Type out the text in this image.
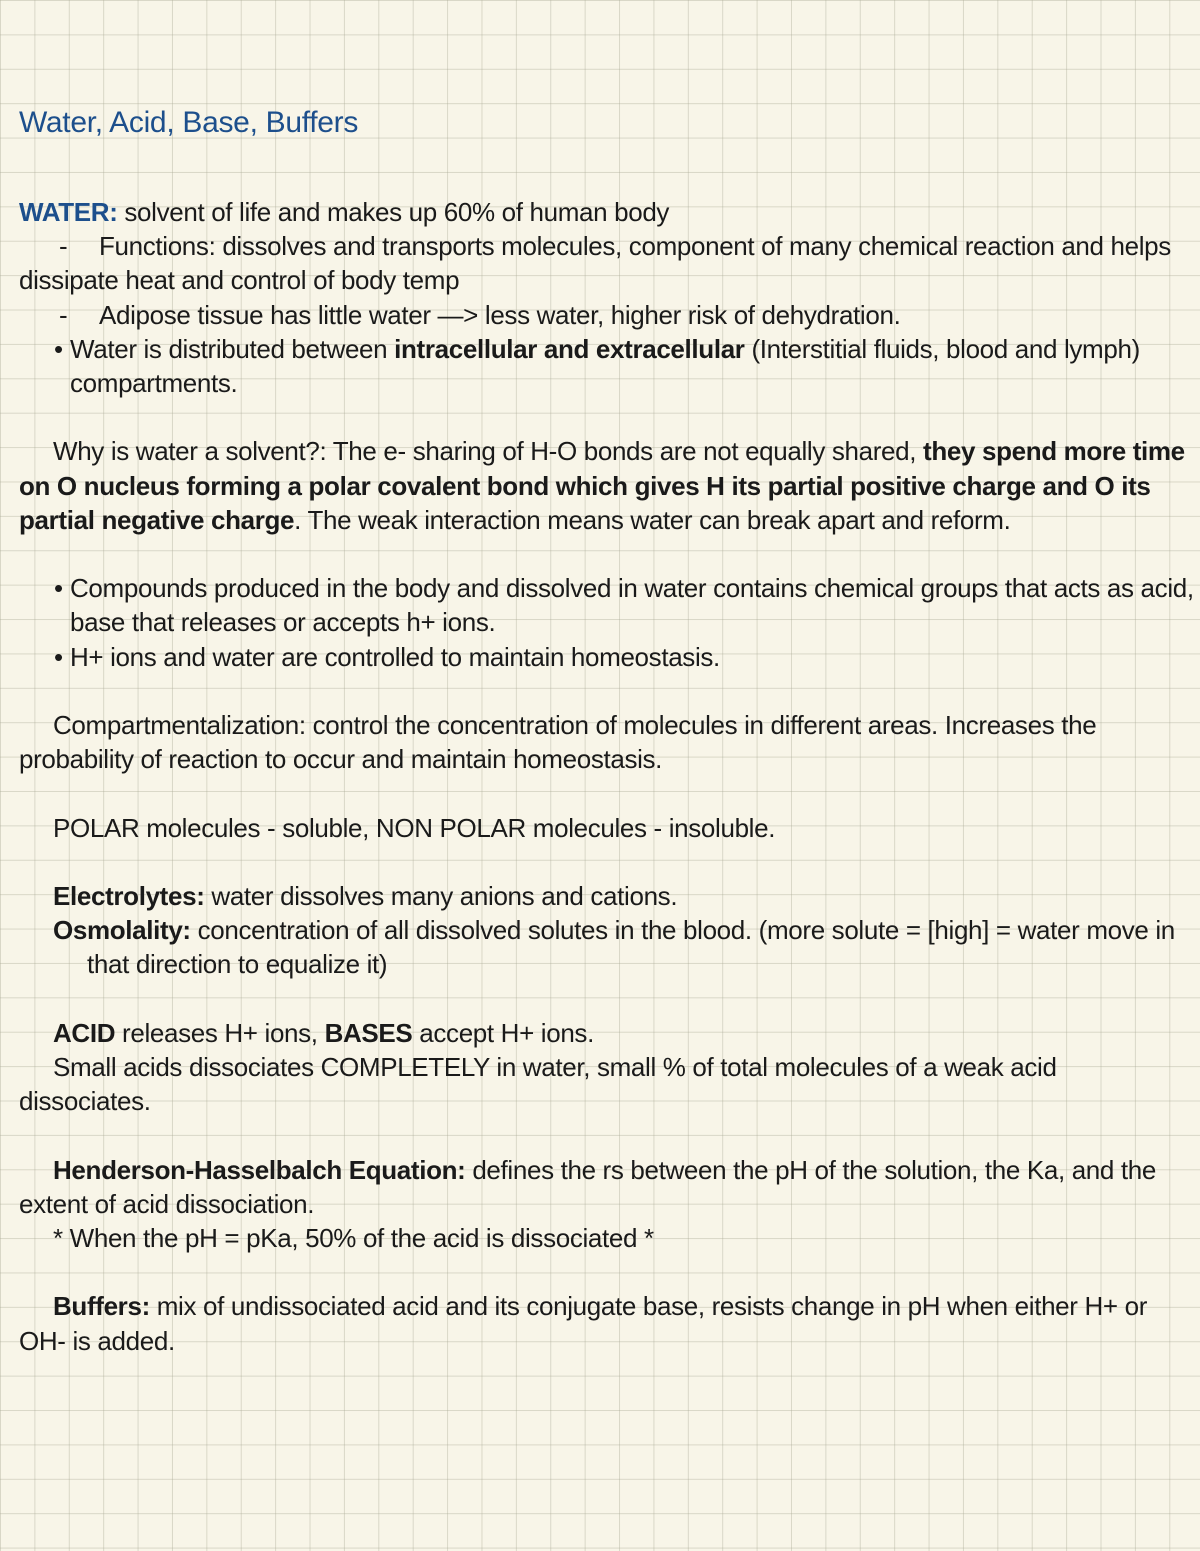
Water, Acid, Base, Buffers

WATER: solvent of life and makes up 60% of human body

- Functions: dissolves and transports molecules, component of many chemical reaction and helps dissipate heat and control of body temp

- Adipose tissue has little water —> less water, higher risk of dehydration.

• Water is distributed between intracellular and extracellular (Interstitial fluids, blood and lymph) compartments.

Why is water a solvent?: The e- sharing of H-O bonds are not equally shared, they spend more time on O nucleus forming a polar covalent bond which gives H its partial positive charge and O its partial negative charge. The weak interaction means water can break apart and reform.

• Compounds produced in the body and dissolved in water contains chemical groups that acts as acid, base that releases or accepts h+ ions.

• H+ ions and water are controlled to maintain homeostasis.

Compartmentalization: control the concentration of molecules in different areas. Increases the probability of reaction to occur and maintain homeostasis.

POLAR molecules - soluble, NON POLAR molecules - insoluble.

Electrolytes: water dissolves many anions and cations.

Osmolality: concentration of all dissolved solutes in the blood. (more solute = [high] = water move in that direction to equalize it)

ACID releases H+ ions, BASES accept H+ ions.

Small acids dissociates COMPLETELY in water, small % of total molecules of a weak acid dissociates.

Henderson-Hasselbalch Equation: defines the rs between the pH of the solution, the Ka, and the extent of acid dissociation.

* When the pH = pKa, 50% of the acid is dissociated *

Buffers: mix of undissociated acid and its conjugate base, resists change in pH when either H+ or OH- is added.
